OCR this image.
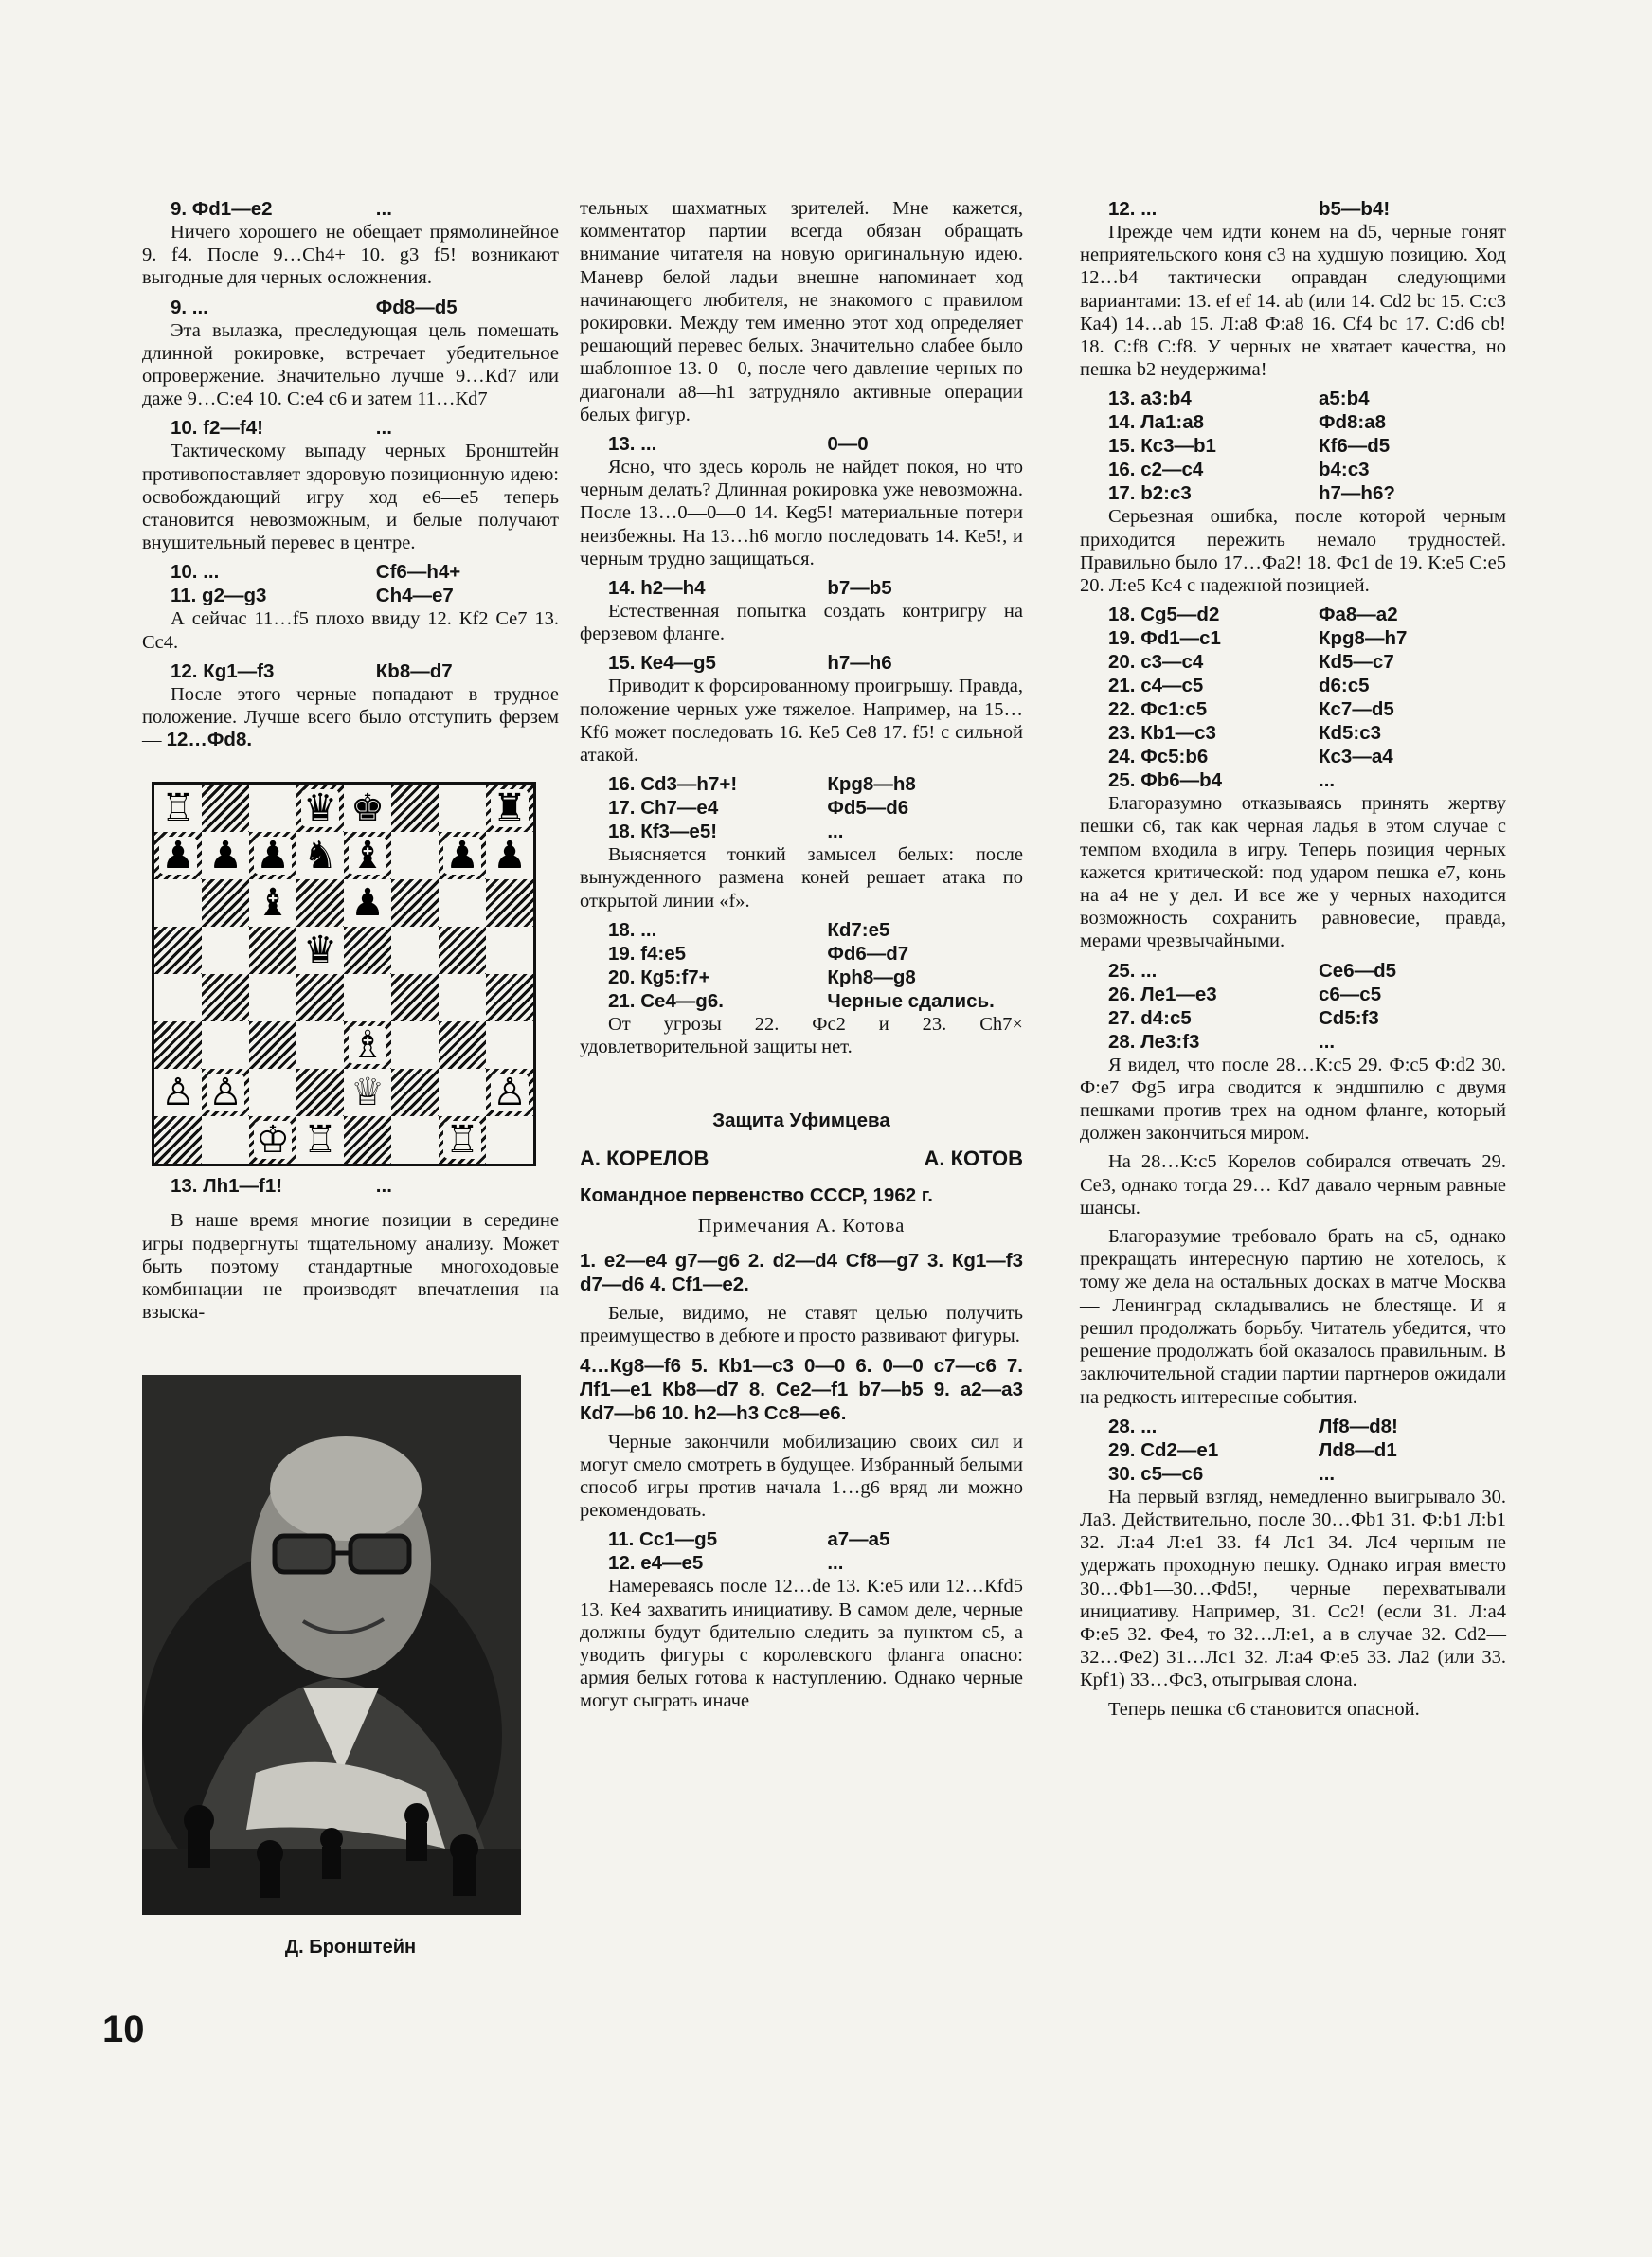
9. Фd1—e2	...

Ничего хорошего не обещает прямолинейное 9. f4. После 9…Сh4+ 10. g3 f5! возникают выгодные для черных осложнения.

9. ...	Фd8—d5

Эта вылазка, преследующая цель помешать длинной рокировке, встречает убедительное опровержение. Значительно лучше 9…Кd7 или даже 9…С:e4 10. С:e4 c6 и затем 11…Кd7

10. f2—f4!	...

Тактическому выпаду черных Бронштейн противопоставляет здоровую позиционную идею: освобождающий игру ход e6—e5 теперь становится невозможным, и белые получают внушительный перевес в центре.

10. ...	Сf6—h4+
11. g2—g3	Сh4—e7

А сейчас 11…f5 плохо ввиду 12. Кf2 Сe7 13. Сc4.

12. Кg1—f3	Кb8—d7

После этого черные попадают в трудное положение. Лучше всего было отступить ферзем — 12…Фd8.

♖	♛ ♚	♜
♟ ♟ ♟ ♞ ♝ ♟ ♟
♝ ♟
♛
♗
♙ ♙	♕	♙
♔ ♖	♖
13. Лh1—f1!	...

В наше время многие позиции в середине игры подвергнуты тщательному анализу. Может быть поэтому стандартные многоходовые комбинации не производят впечатления на взыска-

Д. Бронштейн

тельных шахматных зрителей. Мне кажется, комментатор партии всегда обязан обращать внимание читателя на новую оригинальную идею. Маневр белой ладьи внешне напоминает ход начинающего любителя, не знакомого с правилом рокировки. Между тем именно этот ход определяет решающий перевес белых. Значительно слабее было шаблонное 13. 0—0, после чего давление черных по диагонали a8—h1 затрудняло активные операции белых фигур.

13. ...	0—0

Ясно, что здесь король не найдет покоя, но что черным делать? Длинная рокировка уже невозможна. После 13…0—0—0 14. Кeg5! материальные потери неизбежны. На 13…h6 могло последовать 14. Кe5!, и черным трудно защищаться.

14. h2—h4	b7—b5

Естественная попытка создать контригру на ферзевом фланге.

15. Кe4—g5	h7—h6

Приводит к форсированному проигрышу. Правда, положение черных уже тяжелое. Например, на 15…Кf6 может последовать 16. Кe5 Сe8 17. f5! с сильной атакой.

16. Сd3—h7+!	Кpg8—h8
17. Сh7—e4	Фd5—d6
18. Кf3—e5!	...

Выясняется тонкий замысел белых: после вынужденного размена коней решает атака по открытой линии «f».

18. ...	Кd7:e5
19. f4:e5	Фd6—d7
20. Кg5:f7+	Кph8—g8
21. Сe4—g6.	Черные сдались.

От угрозы 22. Фc2 и 23. Сh7× удовлетворительной защиты нет.

Защита Уфимцева
А. КОРЕЛОВ	А. КОТОВ
Командное первенство СССР, 1962 г.
Примечания А. Котова
1. e2—e4 g7—g6 2. d2—d4 Сf8—g7 3. Кg1—f3 d7—d6 4. Сf1—e2.

Белые, видимо, не ставят целью получить преимущество в дебюте и просто развивают фигуры.

4…Кg8—f6 5. Кb1—c3 0—0 6. 0—0 c7—c6 7. Лf1—e1 Кb8—d7 8. Сe2—f1 b7—b5 9. a2—a3 Кd7—b6 10. h2—h3 Сc8—e6.

Черные закончили мобилизацию своих сил и могут смело смотреть в будущее. Избранный белыми способ игры против начала 1…g6 вряд ли можно рекомендовать.

11. Сc1—g5	a7—a5
12. e4—e5	...

Намереваясь после 12…de 13. К:e5 или 12…Кfd5 13. Кe4 захватить инициативу. В самом деле, черные должны будут бдительно следить за пунктом c5, а уводить фигуры с королевского фланга опасно: армия белых готова к наступлению. Однако черные могут сыграть иначе

12. ...	b5—b4!

Прежде чем идти конем на d5, черные гонят неприятельского коня c3 на худшую позицию. Ход 12…b4 тактически оправдан следующими вариантами: 13. ef ef 14. ab (или 14. Сd2 bc 15. С:c3 Кa4) 14…ab 15. Л:a8 Ф:a8 16. Сf4 bc 17. С:d6 cb! 18. С:f8 С:f8. У черных не хватает качества, но пешка b2 неудержима!

13. a3:b4	a5:b4
14. Лa1:a8	Фd8:a8
15. Кc3—b1	Кf6—d5
16. c2—c4	b4:c3
17. b2:c3	h7—h6?

Серьезная ошибка, после которой черным приходится пережить немало трудностей. Правильно было 17…Фa2! 18. Фc1 de 19. К:e5 С:e5 20. Л:e5 Кc4 с надежной позицией.

18. Сg5—d2	Фa8—a2
19. Фd1—c1	Кpg8—h7
20. c3—c4	Кd5—c7
21. c4—c5	d6:c5
22. Фc1:c5	Кc7—d5
23. Кb1—c3	Кd5:c3
24. Фc5:b6	Кc3—a4
25. Фb6—b4	...

Благоразумно отказываясь принять жертву пешки c6, так как черная ладья в этом случае с темпом входила в игру. Теперь позиция черных кажется критической: под ударом пешка e7, конь на a4 не у дел. И все же у черных находится возможность сохранить равновесие, правда, мерами чрезвычайными.

25. ...	Сe6—d5
26. Лe1—e3	c6—c5
27. d4:c5	Сd5:f3
28. Лe3:f3	...

Я видел, что после 28…К:c5 29. Ф:c5 Ф:d2 30. Ф:e7 Фg5 игра сводится к эндшпилю с двумя пешками против трех на одном фланге, который должен закончиться миром.

На 28…К:c5 Корелов собирался отвечать 29. Сe3, однако тогда 29… Кd7 давало черным равные шансы.

Благоразумие требовало брать на c5, однако прекращать интересную партию не хотелось, к тому же дела на остальных досках в матче Москва — Ленинград складывались не блестяще. И я решил продолжать борьбу. Читатель убедится, что решение продолжать бой оказалось правильным. В заключительной стадии партии партнеров ожидали на редкость интересные события.

28. ...	Лf8—d8!
29. Сd2—e1	Лd8—d1
30. c5—c6	...

На первый взгляд, немедленно выигрывало 30. Лa3. Действительно, после 30…Фb1 31. Ф:b1 Л:b1 32. Л:a4 Л:e1 33. f4 Лc1 34. Лc4 черным не удержать проходную пешку. Однако играя вместо 30…Фb1—30…Фd5!, черные перехватывали инициативу. Например, 31. Сc2! (если 31. Л:a4 Ф:e5 32. Фe4, то 32…Л:e1, а в случае 32. Сd2—32…Фe2) 31…Лc1 32. Л:a4 Ф:e5 33. Лa2 (или 33. Кpf1) 33…Фc3, отыгрывая слона.

Теперь пешка c6 становится опасной.

10
